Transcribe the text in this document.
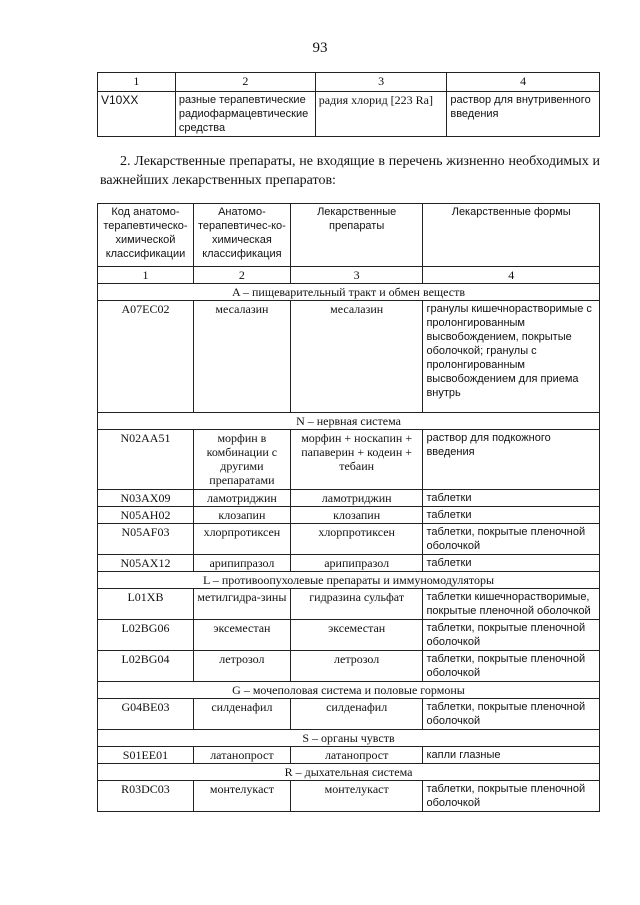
93
1	2	3	4
V10XX	разные терапевтические радиофармацевтические средства	радия хлорид [223 Ra]	раствор для внутривенного введения
2. Лекарственные препараты, не входящие в перечень жизненно необходимых и важнейших лекарственных препаратов:
Код анатомо-терапевтическо-химической классификации	Анатомо-терапевтичес-ко-химическая классификация	Лекарственные препараты	Лекарственные формы
1	2	3	4
A – пищеварительный тракт и обмен веществ			
A07EC02	месалазин	месалазин	гранулы кишечнорастворимые с пролонгированным высвобождением, покрытые оболочкой; гранулы с пролонгированным высвобождением для приема внутрь
N – нервная система			
N02AA51	морфин в комбинации с другими препаратами	морфин + носкапин + папаверин + кодеин + тебаин	раствор для подкожного введения
N03AX09	ламотриджин	ламотриджин	таблетки
N05AH02	клозапин	клозапин	таблетки
N05AF03	хлорпротиксен	хлорпротиксен	таблетки, покрытые пленочной оболочкой
N05AX12	арипипразол	арипипразол	таблетки
L – противоопухолевые препараты и иммуномодуляторы			
L01XB	метилгидра-зины	гидразина сульфат	таблетки кишечнорастворимые, покрытые пленочной оболочкой
L02BG06	эксеместан	эксеместан	таблетки, покрытые пленочной оболочкой
L02BG04	летрозол	летрозол	таблетки, покрытые пленочной оболочкой
G – мочеполовая система и половые гормоны			
G04BE03	силденафил	силденафил	таблетки, покрытые пленочной оболочкой
S – органы чувств			
S01EE01	латанопрост	латанопрост	капли глазные
R – дыхательная система			
R03DC03	монтелукаст	монтелукаст	таблетки, покрытые пленочной оболочкой
